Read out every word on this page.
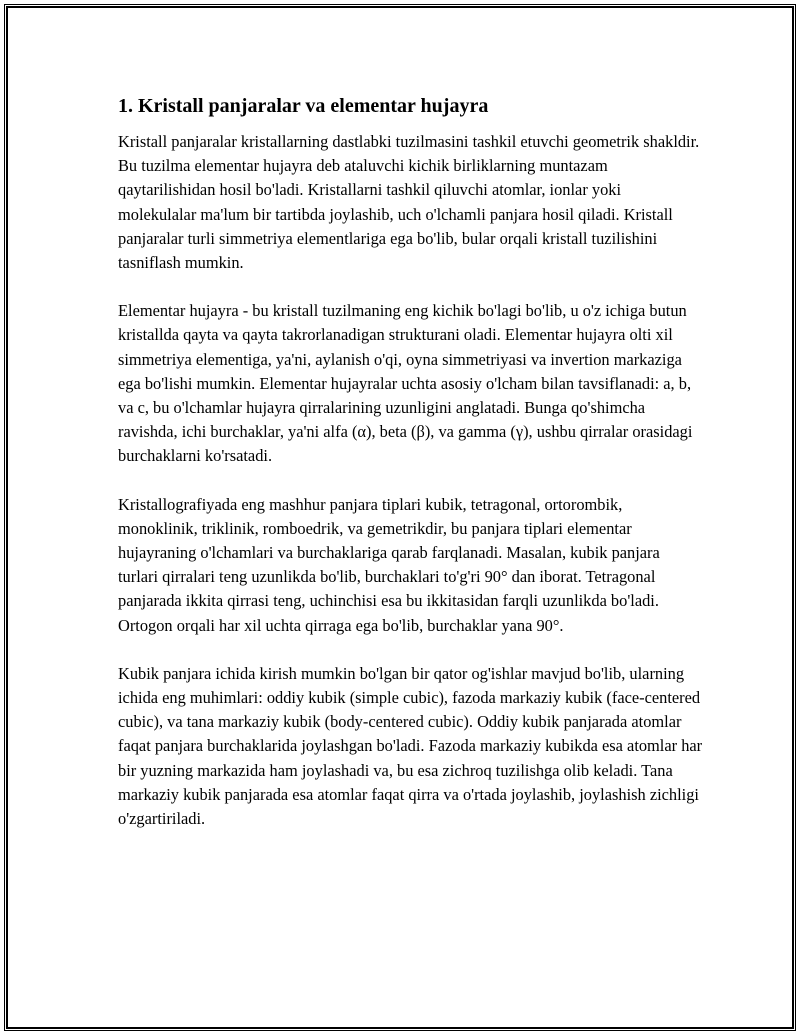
1. Kristall panjaralar va elementar hujayra

Kristall panjaralar kristallarning dastlabki tuzilmasini tashkil etuvchi geometrik shakldir. Bu tuzilma elementar hujayra deb ataluvchi kichik birliklarning muntazam qaytarilishidan hosil bo'ladi. Kristallarni tashkil qiluvchi atomlar, ionlar yoki molekulalar ma'lum bir tartibda joylashib, uch o'lchamli panjara hosil qiladi. Kristall panjaralar turli simmetriya elementlariga ega bo'lib, bular orqali kristall tuzilishini tasniflash mumkin.

Elementar hujayra - bu kristall tuzilmaning eng kichik bo'lagi bo'lib, u o'z ichiga butun kristallda qayta va qayta takrorlanadigan strukturani oladi. Elementar hujayra olti xil simmetriya elementiga, ya'ni, aylanish o'qi, oyna simmetriyasi va invertion markaziga ega bo'lishi mumkin. Elementar hujayralar uchta asosiy o'lcham bilan tavsiflanadi: a, b, va c, bu o'lchamlar hujayra qirralarining uzunligini anglatadi. Bunga qo'shimcha ravishda, ichi burchaklar, ya'ni alfa (α), beta (β), va gamma (γ), ushbu qirralar orasidagi burchaklarni ko'rsatadi.

Kristallografiyada eng mashhur panjara tiplari kubik, tetragonal, ortorombik, monoklinik, triklinik, romboedrik, va gemetrikdir, bu panjara tiplari elementar hujayraning o'lchamlari va burchaklariga qarab farqlanadi. Masalan, kubik panjara turlari qirralari teng uzunlikda bo'lib, burchaklari to'g'ri 90° dan iborat. Tetragonal panjarada ikkita qirrasi teng, uchinchisi esa bu ikkitasidan farqli uzunlikda bo'ladi. Ortogon orqali har xil uchta qirraga ega bo'lib, burchaklar yana 90°.

Kubik panjara ichida kirish mumkin bo'lgan bir qator og'ishlar mavjud bo'lib, ularning ichida eng muhimlari: oddiy kubik (simple cubic), fazoda markaziy kubik (face-centered cubic), va tana markaziy kubik (body-centered cubic). Oddiy kubik panjarada atomlar faqat panjara burchaklarida joylashgan bo'ladi. Fazoda markaziy kubikda esa atomlar har bir yuzning markazida ham joylashadi va, bu esa zichroq tuzilishga olib keladi. Tana markaziy kubik panjarada esa atomlar faqat qirra va o'rtada joylashib, joylashish zichligi o'zgartiriladi.
